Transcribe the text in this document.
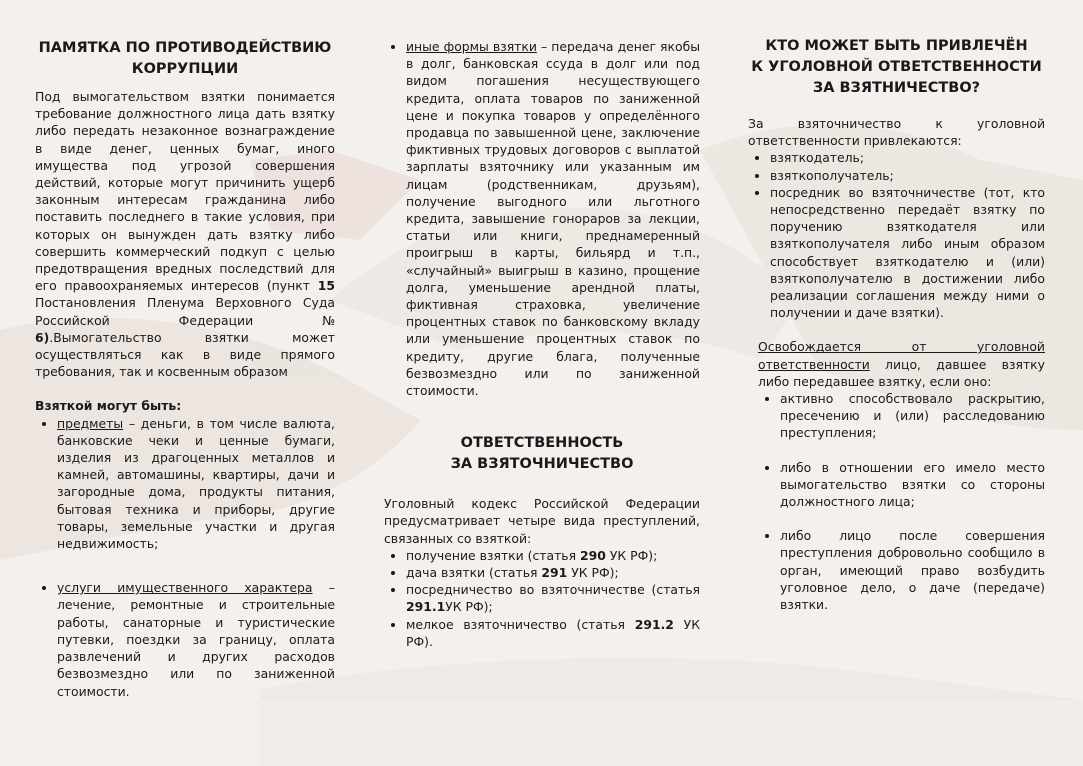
ПАМЯТКА ПО ПРОТИВОДЕЙСТВИЮ
КОРРУПЦИИ

Под вымогательством взятки понимается требование должностного лица дать взятку либо передать незаконное вознаграждение в виде денег, ценных бумаг, иного имущества под угрозой совершения действий, которые могут причинить ущерб законным интересам гражданина либо поставить последнего в такие условия, при которых он вынужден дать взятку либо совершить коммерческий подкуп с целью предотвращения вредных последствий для его правоохраняемых интересов (пункт 15 Постановления Пленума Верховного Суда Российской Федерации № 6).Вымогательство взятки может осуществляться как в виде прямого требования, так и косвенным образом

Взяткой могут быть:

• предметы – деньги, в том числе валюта, банковские чеки и ценные бумаги, изделия из драгоценных металлов и камней, автомашины, квартиры, дачи и загородные дома, продукты питания, бытовая техника и приборы, другие товары, земельные участки и другая недвижимость;
• услуги имущественного характера – лечение, ремонтные и строительные работы, санаторные и туристические путевки, поездки за границу, оплата развлечений и других расходов безвозмездно или по заниженной стоимости.
• иные формы взятки – передача денег якобы в долг, банковская ссуда в долг или под видом погашения несуществующего кредита, оплата товаров по заниженной цене и покупка товаров у определённого продавца по завышенной цене, заключение фиктивных трудовых договоров с выплатой зарплаты взяточнику или указанным им лицам (родственникам, друзьям), получение выгодного или льготного кредита, завышение гонораров за лекции, статьи или книги, преднамеренный проигрыш в карты, бильярд и т.п., «случайный» выигрыш в казино, прощение долга, уменьшение арендной платы, фиктивная страховка, увеличение процентных ставок по банковскому вкладу или уменьшение процентных ставок по кредиту, другие блага, полученные безвозмездно или по заниженной стоимости.
ОТВЕТСТВЕННОСТЬ
ЗА ВЗЯТОЧНИЧЕСТВО

Уголовный кодекс Российской Федерации предусматривает четыре вида преступлений, связанных со взяткой:

• получение взятки (статья 290 УК РФ);
• дача взятки (статья 291 УК РФ);
• посредничество во взяточничестве (статья 291.1УК РФ);
• мелкое взяточничество (статья 291.2 УК РФ).
КТО МОЖЕТ БЫТЬ ПРИВЛЕЧЁН
К УГОЛОВНОЙ ОТВЕТСТВЕННОСТИ
ЗА ВЗЯТНИЧЕСТВО?

За взяточничество к уголовной ответственности привлекаются:

• взяткодатель;
• взяткополучатель;
• посредник во взяточничестве (тот, кто непосредственно передаёт взятку по поручению взяткодателя или взяткополучателя либо иным образом способствует взяткодателю и (или) взяткополучателю в достижении либо реализации соглашения между ними о получении и даче взятки).

Освобождается от уголовной ответственности лицо, давшее взятку либо передавшее взятку, если оно:

• активно способствовало раскрытию, пресечению и (или) расследованию преступления;
• либо в отношении его имело место вымогательство взятки со стороны должностного лица;
• либо лицо после совершения преступления добровольно сообщило в орган, имеющий право возбудить уголовное дело, о даче (передаче) взятки.
